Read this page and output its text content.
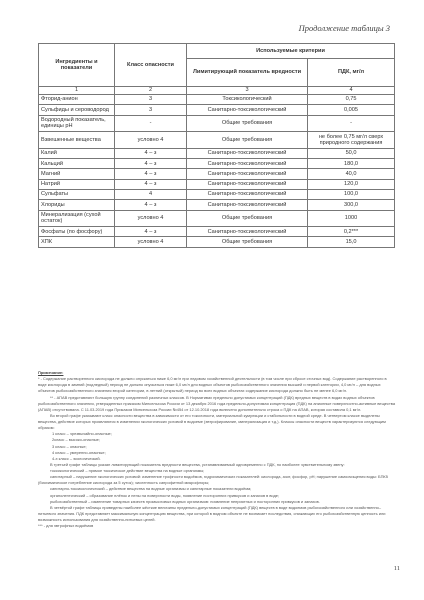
Продолжение таблицы 3
Ингредиенты и показатели	Класс опасности	Используемые критерии	
		Лимитирующий показатель вредности	ПДК, мг/л
1	2	3	4
Фторид-анион	3	Токсикологический	0,75
Сульфиды и сероводород	3	Санитарно-токсикологический	0,005
Водородный показатель, единицы pH	-	Общие требования	-
Взвешенные вещества	условно 4	Общие требования	не более 0,75 мг/л сверх природного содержания
Калий	4 – з	Санитарно-токсикологический	50,0
Кальций	4 – з	Санитарно-токсикологический	180,0
Магний	4 – з	Санитарно-токсикологический	40,0
Натрий	4 – з	Санитарно-токсикологический	120,0
Сульфаты	4	Санитарно-токсикологический	100,0
Хлориды	4 – з	Санитарно-токсикологический	300,0
Минерализация (сухой остаток)	условно 4	Общие требования	1000
Фосфаты (по фосфору)	4 – з	Санитарно-токсикологический	0,2***
ХПК	условно 4	Общие требования	15,0

Примечание:

* - Содержание растворенного кислорода не должно опускаться ниже 6,0 мг/л при ледовом хозяйственной деятельности (в том числе при сбросе сточных вод). Содержание растворенного в воде кислорода в зимний (подледный) период не должно опускаться ниже 6,0 мг/л для водных объектов рыбохозяйственного значения высшей и первой категории, 4,0 мг/л – для водных объектов рыбохозяйственного значения второй категории, в летний (открытый) период во всех водных объектах содержание кислорода должно быть не менее 6,0 мг/л.

** - АПАВ представляют большую группу соединений различных классов. В Нормативах предельно допустимых концентраций (ПДК) вредных веществ в водах водных объектов рыбохозяйственного значения, утвержденных приказом Минсельхоза России от 13 декабря 2016 года предельно-допустимая концентрация (ПДК) на анионные поверхностно-активные вещества (АПАВ) отсутствовала. С 11.03.2019 года Приказом Минсельхоза России №454 от 12.10.2018 года включено дополнительно строка о ПДК на АПАВ, которая составила 0,1 мг/л.

Во второй графе указывают класс опасности вещества в зависимости от его токсичности, материальной кумуляции и стабильности в водной среде. В четвертом классе выделены вещества, действие которых проявляются в изменении экологических условий в водоеме (эвтрофирование, минерализация и т.д.). Классы опасности веществ характеризуются следующим образом:

1 класс – чрезвычайно-опасные;

2класс – высоко-опасные;

3 класс – опасные;

4 класс – умеренно-опасные;

4-э класс – экологический.

В третьей графе таблицы указан лимитирующий показатель вредности вещества, устанавливаемый одновременно с ПДК, по наиболее чувствительному звену:

токсикологический – прямое токсическое действие вещества на водные организмы;

санитарный – нарушение экологических условий: изменение трофности водоёмов, гидрохимических показателей: кислорода, азот, фосфор, pH; нарушение самоочищения воды: БПК5 (биохимическое потребление кислорода за 5 суток); численность сапрофитной микрофлоры;

санитарно-токсикологический – действие вещества на водные организмы и санитарные показатели водоёма;

органолептический – образование плёнок и пены на поверхности воды, появление посторонних привкусов и запахов в воде;

рыбохозяйственный – изменение товарных качеств промысловых водных организмов: появление неприятных и посторонних привкусов и запахов.

В четвёртой графе таблицы приведены наиболее жёсткие величины предельно-допустимых концентраций (ПДК) веществ в воде водоемов рыбохозяйственного или хозяйственно–питьевого значения. ПДК представляет максимальную концентрацию вещества, при которой в водном объекте не возникает последствия, снижающих его рыбохозяйственную ценность или возможность использования для хозяйственно-питьевых целей.

*** - для эвтрофных водоёмов

11
